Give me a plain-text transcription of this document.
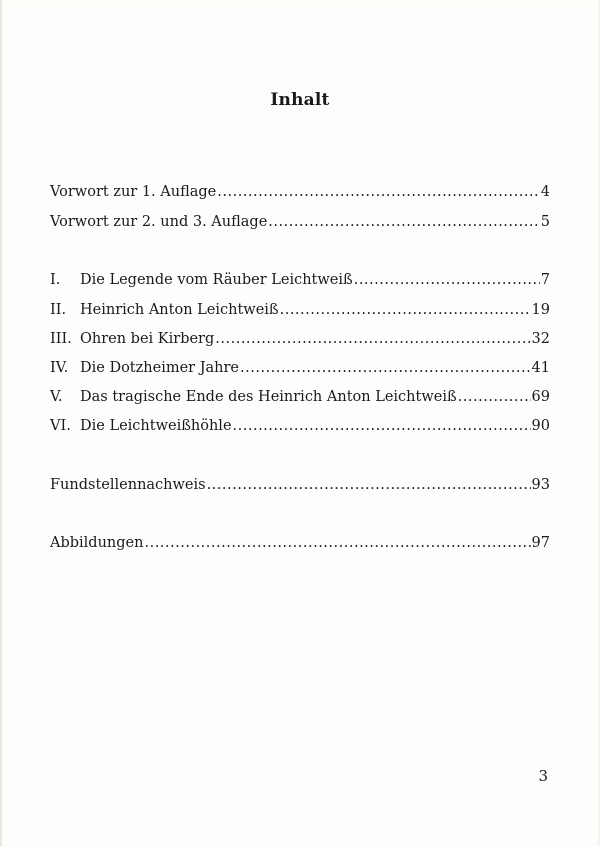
Inhalt
Vorwort zur 1. Auflage .....	4
Vorwort zur 2. und 3. Auflage .....	5
I.	Die Legende vom Räuber Leichtweiß .....	7
II. Heinrich Anton Leichtweiß .....	19
III. Ohren bei Kirberg .....	32
IV. Die Dotzheimer Jahre .....	41
V.	Das tragische Ende des Heinrich Anton Leichtweiß .....	69
VI. Die Leichtweißhöhle .....	90
Fundstellennachweis .....	93
Abbildungen .....	97
3
